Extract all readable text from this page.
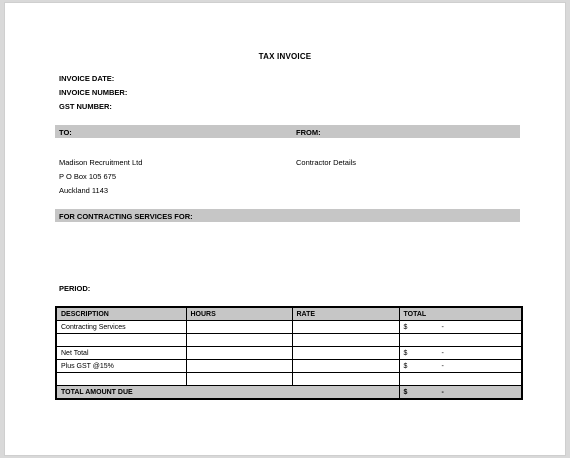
TAX INVOICE
INVOICE DATE:
INVOICE NUMBER:
GST NUMBER:
TO:	FROM:
Madison Recruitment Ltd
P O Box 105 675
Auckland 1143
Contractor Details
FOR CONTRACTING SERVICES FOR:
PERIOD:
DESCRIPTION	HOURS	RATE	TOTAL
Contracting Services			$ -

Net Total			$ -
Plus GST @15%			$ -

TOTAL AMOUNT DUE			$ -
